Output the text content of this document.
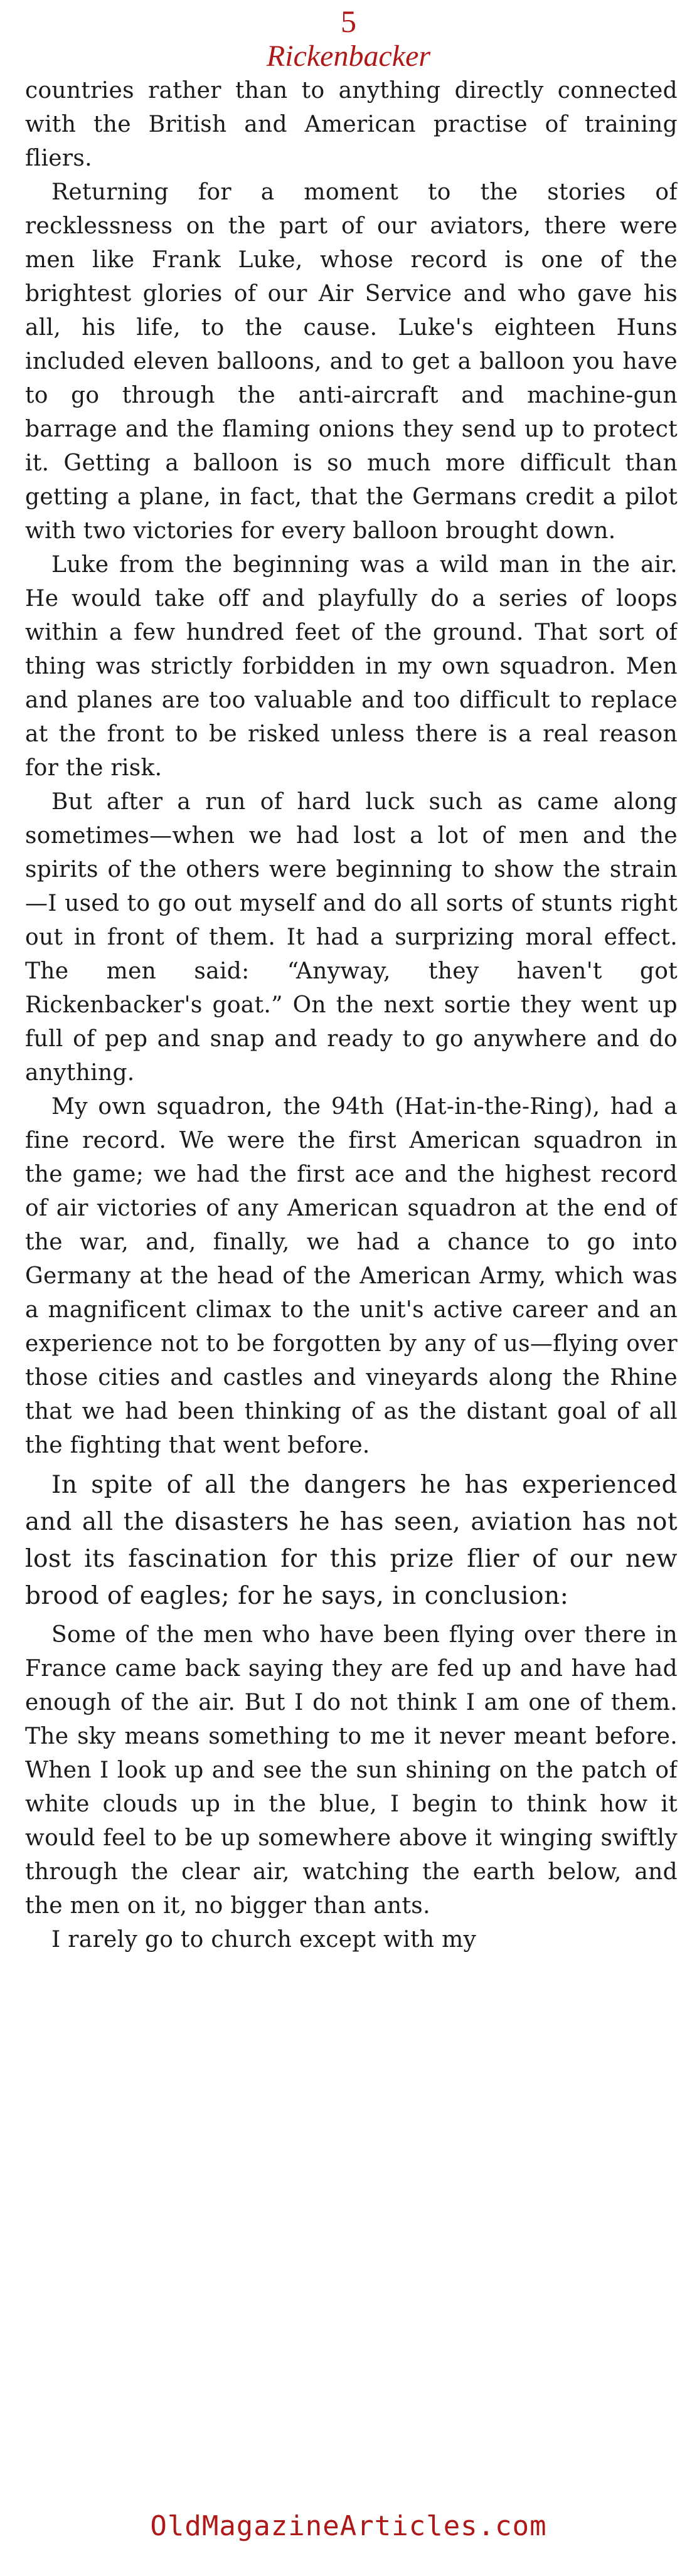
5
Rickenbacker

countries rather than to anything directly connected with the British and American practise of training fliers.

Returning for a moment to the stories of recklessness on the part of our aviators, there were men like Frank Luke, whose record is one of the brightest glories of our Air Service and who gave his all, his life, to the cause. Luke's eighteen Huns included eleven balloons, and to get a balloon you have to go through the anti-aircraft and machine-gun barrage and the flaming onions they send up to protect it. Getting a balloon is so much more difficult than getting a plane, in fact, that the Germans credit a pilot with two victories for every balloon brought down.

Luke from the beginning was a wild man in the air. He would take off and playfully do a series of loops within a few hundred feet of the ground. That sort of thing was strictly forbidden in my own squadron. Men and planes are too valuable and too difficult to replace at the front to be risked unless there is a real reason for the risk.

But after a run of hard luck such as came along sometimes—when we had lost a lot of men and the spirits of the others were beginning to show the strain—I used to go out myself and do all sorts of stunts right out in front of them. It had a surprizing moral effect. The men said: “Anyway, they haven't got Rickenbacker's goat.” On the next sortie they went up full of pep and snap and ready to go anywhere and do anything.

My own squadron, the 94th (Hat-in-the-Ring), had a fine record. We were the first American squadron in the game; we had the first ace and the highest record of air victories of any American squadron at the end of the war, and, finally, we had a chance to go into Germany at the head of the American Army, which was a magnificent climax to the unit's active career and an experience not to be forgotten by any of us—flying over those cities and castles and vineyards along the Rhine that we had been thinking of as the distant goal of all the fighting that went before.

In spite of all the dangers he has experienced and all the disasters he has seen, aviation has not lost its fascination for this prize flier of our new brood of eagles; for he says, in conclusion:

Some of the men who have been flying over there in France came back saying they are fed up and have had enough of the air. But I do not think I am one of them. The sky means something to me it never meant before. When I look up and see the sun shining on the patch of white clouds up in the blue, I begin to think how it would feel to be up somewhere above it winging swiftly through the clear air, watching the earth below, and the men on it, no bigger than ants.

I rarely go to church except with my

OldMagazineArticles.com
